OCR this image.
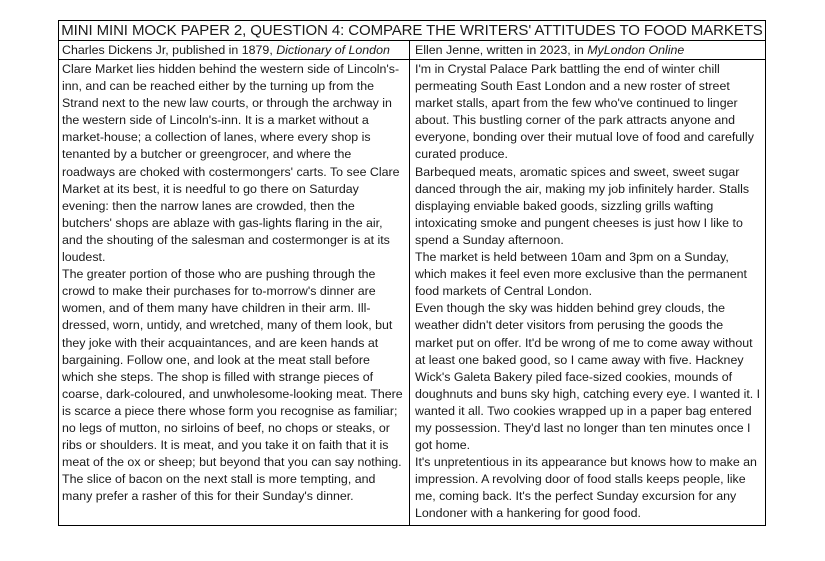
MINI MINI MOCK PAPER 2, QUESTION 4: COMPARE THE WRITERS' ATTITUDES TO FOOD MARKETS
Charles Dickens Jr, published in 1879, Dictionary of London	Ellen Jenne, written in 2023, in MyLondon Online

Clare Market lies hidden behind the western side of Lincoln's-inn, and can be reached either by the turning up from the Strand next to the new law courts, or through the archway in the western side of Lincoln's-inn. It is a market without a market-house; a collection of lanes, where every shop is tenanted by a butcher or greengrocer, and where the roadways are choked with costermongers' carts. To see Clare Market at its best, it is needful to go there on Saturday evening: then the narrow lanes are crowded, then the butchers' shops are ablaze with gas-lights flaring in the air, and the shouting of the salesman and costermonger is at its loudest.

The greater portion of those who are pushing through the crowd to make their purchases for to-morrow's dinner are women, and of them many have children in their arm. Ill-dressed, worn, untidy, and wretched, many of them look, but they joke with their acquaintances, and are keen hands at bargaining. Follow one, and look at the meat stall before which she steps. The shop is filled with strange pieces of coarse, dark-coloured, and unwholesome-looking meat. There is scarce a piece there whose form you recognise as familiar; no legs of mutton, no sirloins of beef, no chops or steaks, or ribs or shoulders. It is meat, and you take it on faith that it is meat of the ox or sheep; but beyond that you can say nothing. The slice of bacon on the next stall is more tempting, and many prefer a rasher of this for their Sunday's dinner.

I'm in Crystal Palace Park battling the end of winter chill permeating South East London and a new roster of street market stalls, apart from the few who've continued to linger about. This bustling corner of the park attracts anyone and everyone, bonding over their mutual love of food and carefully curated produce.

Barbequed meats, aromatic spices and sweet, sweet sugar danced through the air, making my job infinitely harder. Stalls displaying enviable baked goods, sizzling grills wafting intoxicating smoke and pungent cheeses is just how I like to spend a Sunday afternoon.

The market is held between 10am and 3pm on a Sunday, which makes it feel even more exclusive than the permanent food markets of Central London.

Even though the sky was hidden behind grey clouds, the weather didn't deter visitors from perusing the goods the market put on offer. It'd be wrong of me to come away without at least one baked good, so I came away with five. Hackney Wick's Galeta Bakery piled face-sized cookies, mounds of doughnuts and buns sky high, catching every eye. I wanted it. I wanted it all. Two cookies wrapped up in a paper bag entered my possession. They'd last no longer than ten minutes once I got home.

It's unpretentious in its appearance but knows how to make an impression. A revolving door of food stalls keeps people, like me, coming back. It's the perfect Sunday excursion for any Londoner with a hankering for good food.
